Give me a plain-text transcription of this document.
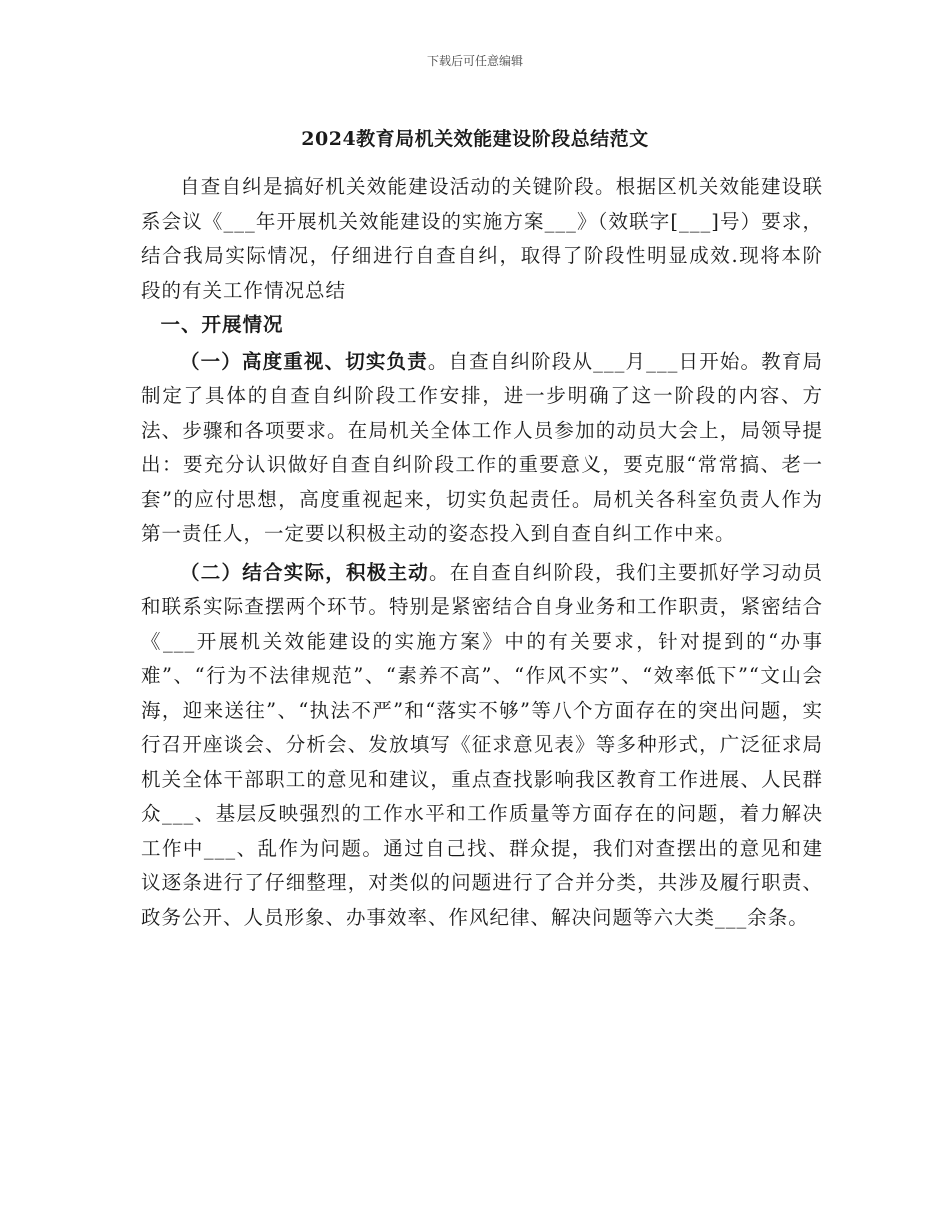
下载后可任意编辑
2024教育局机关效能建设阶段总结范文

自查自纠是搞好机关效能建设活动的关键阶段。根据区机关效能建设联系会议《___年开展机关效能建设的实施方案___》（效联字[___]号）要求，结合我局实际情况，仔细进行自查自纠，取得了阶段性明显成效.现将本阶段的有关工作情况总结

一、开展情况

（一）高度重视、切实负责。自查自纠阶段从___月___日开始。教育局制定了具体的自查自纠阶段工作安排，进一步明确了这一阶段的内容、方法、步骤和各项要求。在局机关全体工作人员参加的动员大会上，局领导提出：要充分认识做好自查自纠阶段工作的重要意义，要克服“常常搞、老一套”的应付思想，高度重视起来，切实负起责任。局机关各科室负责人作为第一责任人，一定要以积极主动的姿态投入到自查自纠工作中来。

（二）结合实际，积极主动。在自查自纠阶段，我们主要抓好学习动员和联系实际查摆两个环节。特别是紧密结合自身业务和工作职责，紧密结合《___开展机关效能建设的实施方案》中的有关要求，针对提到的“办事难”、“行为不法律规范”、“素养不高”、“作风不实”、“效率低下”“文山会海，迎来送往”、“执法不严”和“落实不够”等八个方面存在的突出问题，实行召开座谈会、分析会、发放填写《征求意见表》等多种形式，广泛征求局机关全体干部职工的意见和建议，重点查找影响我区教育工作进展、人民群众___、基层反映强烈的工作水平和工作质量等方面存在的问题，着力解决工作中___、乱作为问题。通过自己找、群众提，我们对查摆出的意见和建议逐条进行了仔细整理，对类似的问题进行了合并分类，共涉及履行职责、政务公开、人员形象、办事效率、作风纪律、解决问题等六大类___余条。
